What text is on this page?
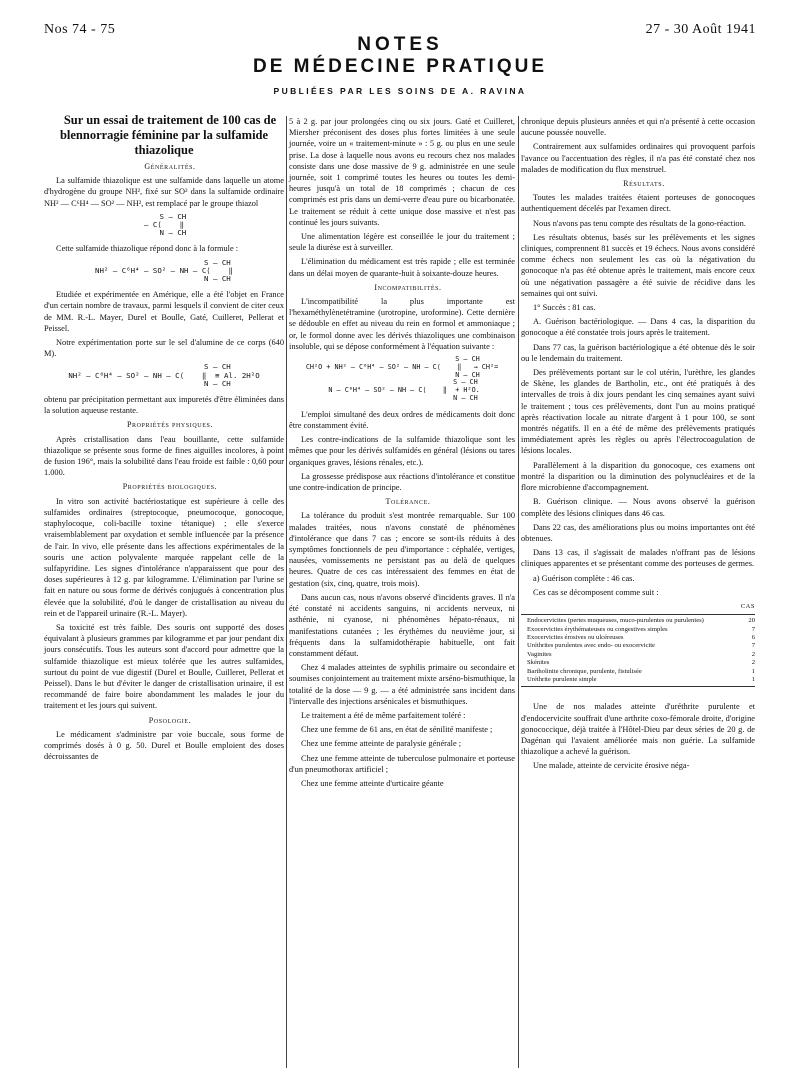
Nos 74 - 75	27 - 30 Août 1941
NOTES
DE MÉDECINE PRATIQUE
PUBLIÉES PAR LES SOINS DE A. RAVINA

Sur un essai de traitement de 100 cas de blennorragie féminine par la sulfamide thiazolique

Généralités.

La sulfamide thiazolique est une sulfamide dans laquelle un atome d'hydrogène du groupe NH², fixé sur SO² dans la sulfamide ordinaire NH² — C⁶H⁴ — SO² — NH², est remplacé par le groupe thiazol

S — CH
— C⟨    ‖
N — CH

Cette sulfamide thiazolique répond donc à la formule :

S — CH
NH² — C⁶H⁴ — SO² — NH — C⟨    ‖
N — CH

Etudiée et expérimentée en Amérique, elle a été l'objet en France d'un certain nombre de travaux, parmi lesquels il convient de citer ceux de MM. R.-L. Mayer, Durel et Boulle, Gaté, Cuilleret, Pellerat et Peissel.

Notre expérimentation porte sur le sel d'alumine de ce corps (640 M).

S — CH
NH² — C⁶H⁴ — SO² — NH — C⟨    ‖  ≡ Al. 2H²O
N — CH

obtenu par précipitation permettant aux impuretés d'être éliminées dans la solution aqueuse restante.

Propriétés physiques.

Après cristallisation dans l'eau bouillante, cette sulfamide thiazolique se présente sous forme de fines aiguilles incolores, à point de fusion 196°, mais la solubilité dans l'eau froide est faible : 0,60 pour 1.000.

Propriétés biologiques.

In vitro son activité bactériostatique est supérieure à celle des sulfamides ordinaires (streptocoque, pneumocoque, gonocoque, staphylocoque, coli-bacille toxine tétanique) ; elle s'exerce vraisemblablement par oxydation et semble influencée par la présence de l'air. In vivo, elle présente dans les affections expérimentales de la souris une action polyvalente marquée rappelant celle de la sulfapyridine. Les signes d'intolérance n'apparaissent que pour des doses supérieures à 12 g. par kilogramme. L'élimination par l'urine se fait en nature ou sous forme de dérivés conjugués à concentration plus élevée que la solubilité, d'où le danger de cristallisation au niveau du rein et de l'appareil urinaire (R.-L. Mayer).

Sa toxicité est très faible. Des souris ont supporté des doses équivalant à plusieurs grammes par kilogramme et par jour pendant dix jours consécutifs. Tous les auteurs sont d'accord pour admettre que la sulfamide thiazolique est mieux tolérée que les autres sulfamides, surtout du point de vue digestif (Durel et Boulle, Cuilleret, Pellerat et Peissel). Dans le but d'éviter le danger de cristallisation urinaire, il est recommandé de faire boire abondamment les malades le jour du traitement et les jours qui suivent.

Posologie.

Le médicament s'administre par voie buccale, sous forme de comprimés dosés à 0 g. 50. Durel et Boulle emploient des doses décroissantes de

5 à 2 g. par jour prolongées cinq ou six jours. Gaté et Cuilleret, Miersher préconisent des doses plus fortes limitées à une seule journée, voire un « traitement-minute » : 5 g. ou plus en une seule prise. La dose à laquelle nous avons eu recours chez nos malades consiste dans une dose massive de 9 g. administrée en une seule journée, soit 1 comprimé toutes les heures ou toutes les demi-heures jusqu'à un total de 18 comprimés ; chacun de ces comprimés est pris dans un demi-verre d'eau pure ou bicarbonatée. Le traitement se réduit à cette unique dose massive et n'est pas continué les jours suivants.

Une alimentation légère est conseillée le jour du traitement ; seule la diurèse est à surveiller.

L'élimination du médicament est très rapide ; elle est terminée dans un délai moyen de quarante-huit à soixante-douze heures.

Incompatibilités.

L'incompatibilité la plus importante est l'hexaméthylènetétramine (urotropine, uroformine). Cette dernière se dédouble en effet au niveau du rein en formol et ammoniaque ; or, le formol donne avec les dérivés thiazoliques une combinaison insoluble, qui se dépose conformément à l'équation suivante :

S — CH
CH²O + NH² — C⁶H⁴ — SO² — NH — C⟨    ‖   → CH²=
N — CH
S — CH
N — C⁶H⁴ — SO² — NH — C⟨    ‖  + H²O.
N — CH

L'emploi simultané des deux ordres de médicaments doit donc être constamment évité.

Les contre-indications de la sulfamide thiazolique sont les mêmes que pour les dérivés sulfamidés en général (lésions ou tares organiques graves, lésions rénales, etc.).

La grossesse prédispose aux réactions d'intolérance et constitue une contre-indication de principe.

Tolérance.

La tolérance du produit s'est montrée remarquable. Sur 100 malades traitées, nous n'avons constaté de phénomènes d'intolérance que dans 7 cas ; encore se sont-ils réduits à des symptômes fonctionnels de peu d'importance : céphalée, vertiges, nausées, vomissements ne persistant pas au delà de quelques heures. Quatre de ces cas intéressaient des femmes en état de gestation (six, cinq, quatre, trois mois).

Dans aucun cas, nous n'avons observé d'incidents graves. Il n'a été constaté ni accidents sanguins, ni accidents nerveux, ni asthénie, ni cyanose, ni phénomènes hépato-rénaux, ni manifestations cutanées ; les érythèmes du neuvième jour, si fréquents dans la sulfamidothérapie habituelle, ont fait constamment défaut.

Chez 4 malades atteintes de syphilis primaire ou secondaire et soumises conjointement au traitement mixte arséno-bismuthique, la totalité de la dose — 9 g. — a été administrée sans incident dans l'intervalle des injections arsénicales et bismuthiques.

Le traitement a été de même parfaitement toléré :

Chez une femme de 61 ans, en état de sénilité manifeste ;

Chez une femme atteinte de paralysie générale ;

Chez une femme atteinte de tuberculose pulmonaire et porteuse d'un pneumothorax artificiel ;

Chez une femme atteinte d'urticaire géante

chronique depuis plusieurs années et qui n'a présenté à cette occasion aucune poussée nouvelle.

Contrairement aux sulfamides ordinaires qui provoquent parfois l'avance ou l'accentuation des règles, il n'a pas été constaté chez nos malades de modification du flux menstruel.

Résultats.

Toutes les malades traitées étaient porteuses de gonocoques authentiquement décelés par l'examen direct.

Nous n'avons pas tenu compte des résultats de la gono-réaction.

Les résultats obtenus, basés sur les prélèvements et les signes cliniques, comprennent 81 succès et 19 échecs. Nous avons considéré comme échecs non seulement les cas où la négativation du gonocoque n'a pas été obtenue après le traitement, mais encore ceux où une négativation passagère a été suivie de récidive dans les semaines qui ont suivi.

1° Succès : 81 cas.

A. Guérison bactériologique. — Dans 4 cas, la disparition du gonocoque a été constatée trois jours après le traitement.

Dans 77 cas, la guérison bactériologique a été obtenue dès le soir ou le lendemain du traitement.

Des prélèvements portant sur le col utérin, l'urèthre, les glandes de Skène, les glandes de Bartholin, etc., ont été pratiqués à des intervalles de trois à dix jours pendant les cinq semaines ayant suivi le traitement ; tous ces prélèvements, dont l'un au moins pratiqué après réactivation locale au nitrate d'argent à 1 pour 100, se sont montrés négatifs. Il en a été de même des prélèvements pratiqués immédiatement après les règles ou après l'électrocoagulation de lésions locales.

Parallèlement à la disparition du gonocoque, ces examens ont montré la disparition ou la diminution des polynucléaires et de la flore microbienne d'accompagnement.

B. Guérison clinique. — Nous avons observé la guérison complète des lésions cliniques dans 46 cas.

Dans 22 cas, des améliorations plus ou moins importantes ont été obtenues.

Dans 13 cas, il s'agissait de malades n'offrant pas de lésions cliniques apparentes et se présentant comme des porteuses de germes.

a) Guérison complète : 46 cas.

Ces cas se décomposent comme suit :

CAS
Endocervicites (pertes muqueuses, muco-purulentes ou purulentes)	20
Exocervicites érythémateuses ou congestives simples	7
Exocervicites érosives ou ulcéreuses	6
Uréthrites purulentes avec endo- ou exocervicite	7
Vaginites	2
Skénites	2
Bartholinite chronique, purulente, fistulisée	1
Uréthrite purulente simple	1

Une de nos malades atteinte d'uréthrite purulente et d'endocervicite souffrait d'une arthrite coxo-fémorale droite, d'origine gonococcique, déjà traitée à l'Hôtel-Dieu par deux séries de 20 g. de Dagénan qui l'avaient améliorée mais non guérie. La sulfamide thiazolique a achevé la guérison.

Une malade, atteinte de cervicite érosive néga-
